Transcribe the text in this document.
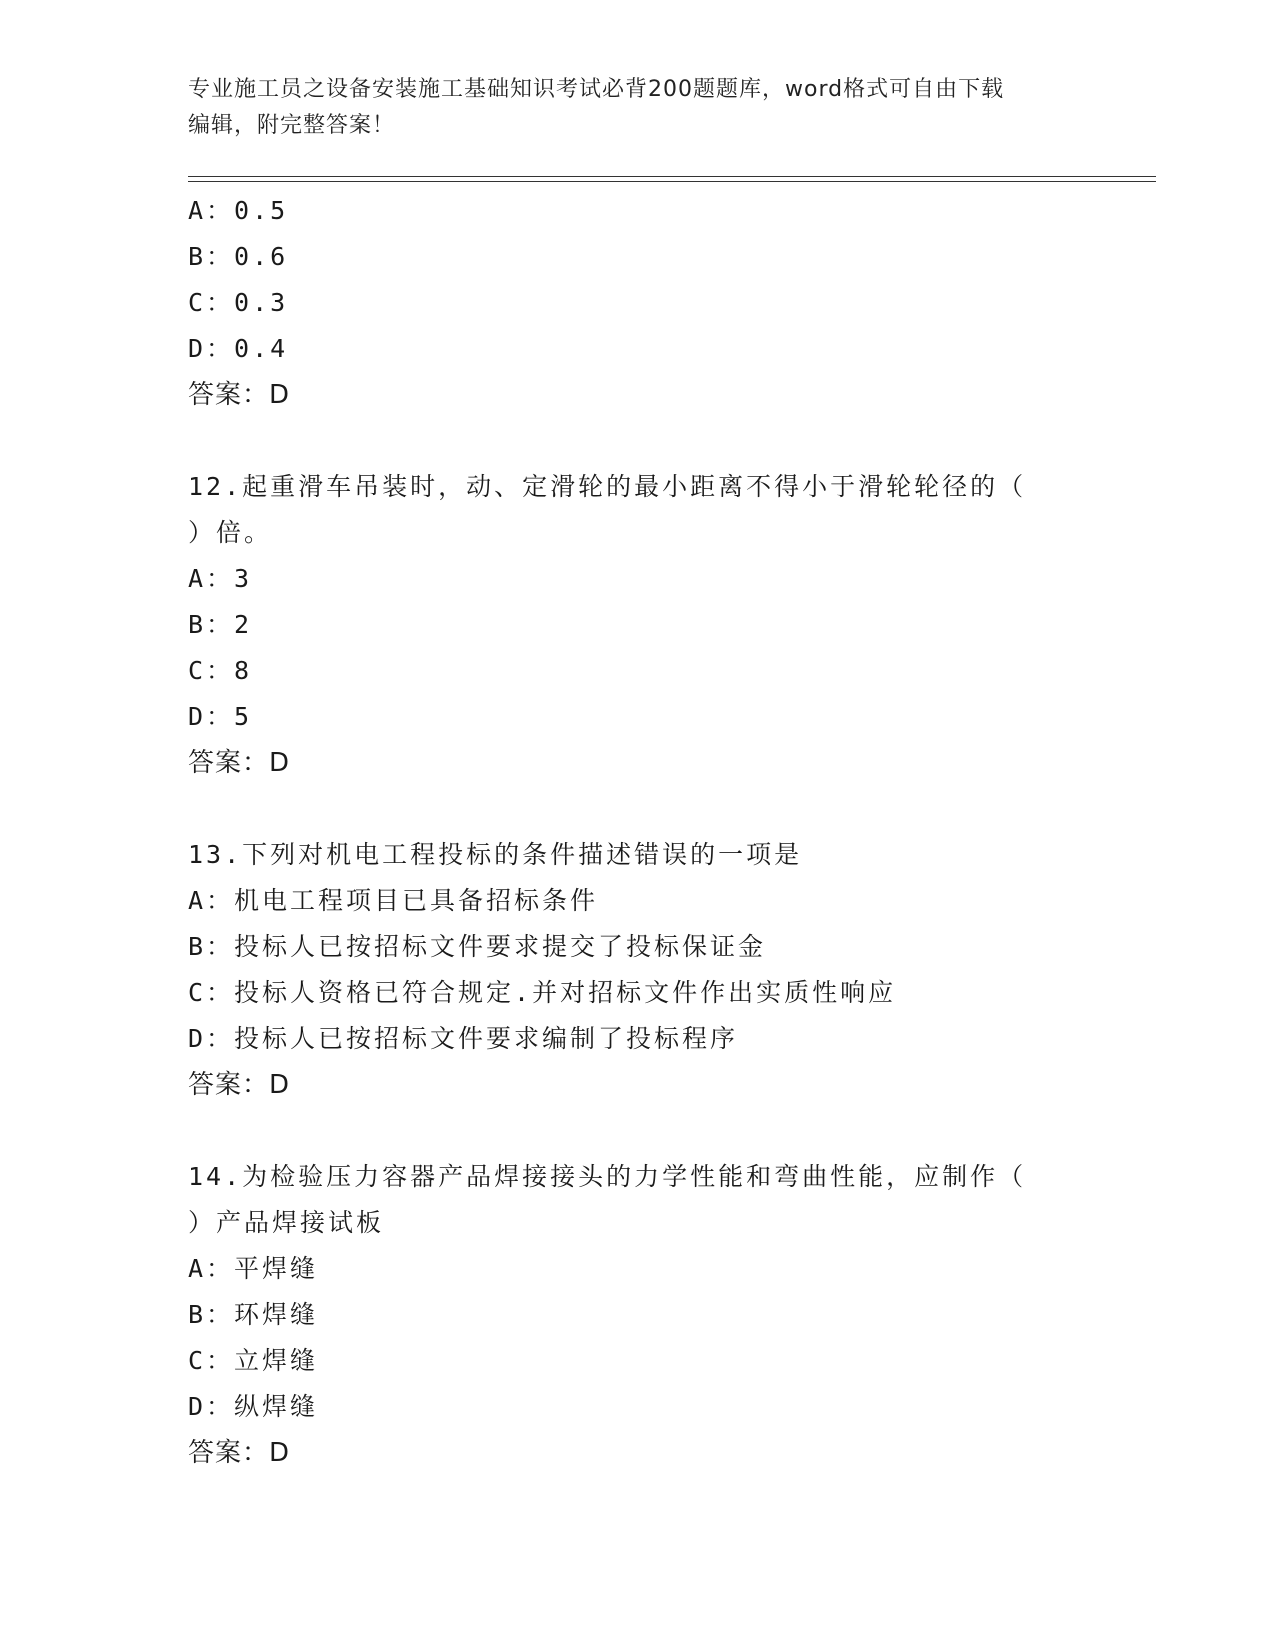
专业施工员之设备安装施工基础知识考试必背200题题库，word格式可自由下载
编辑，附完整答案！
A：0.5
B：0.6
C：0.3
D：0.4
答案：D
12.起重滑车吊装时，动、定滑轮的最小距离不得小于滑轮轮径的（
）倍。
A：3
B：2
C：8
D：5
答案：D
13.下列对机电工程投标的条件描述错误的一项是
A：机电工程项目已具备招标条件
B：投标人已按招标文件要求提交了投标保证金
C：投标人资格已符合规定.并对招标文件作出实质性响应
D：投标人已按招标文件要求编制了投标程序
答案：D
14.为检验压力容器产品焊接接头的力学性能和弯曲性能，应制作（
）产品焊接试板
A：平焊缝
B：环焊缝
C：立焊缝
D：纵焊缝
答案：D
